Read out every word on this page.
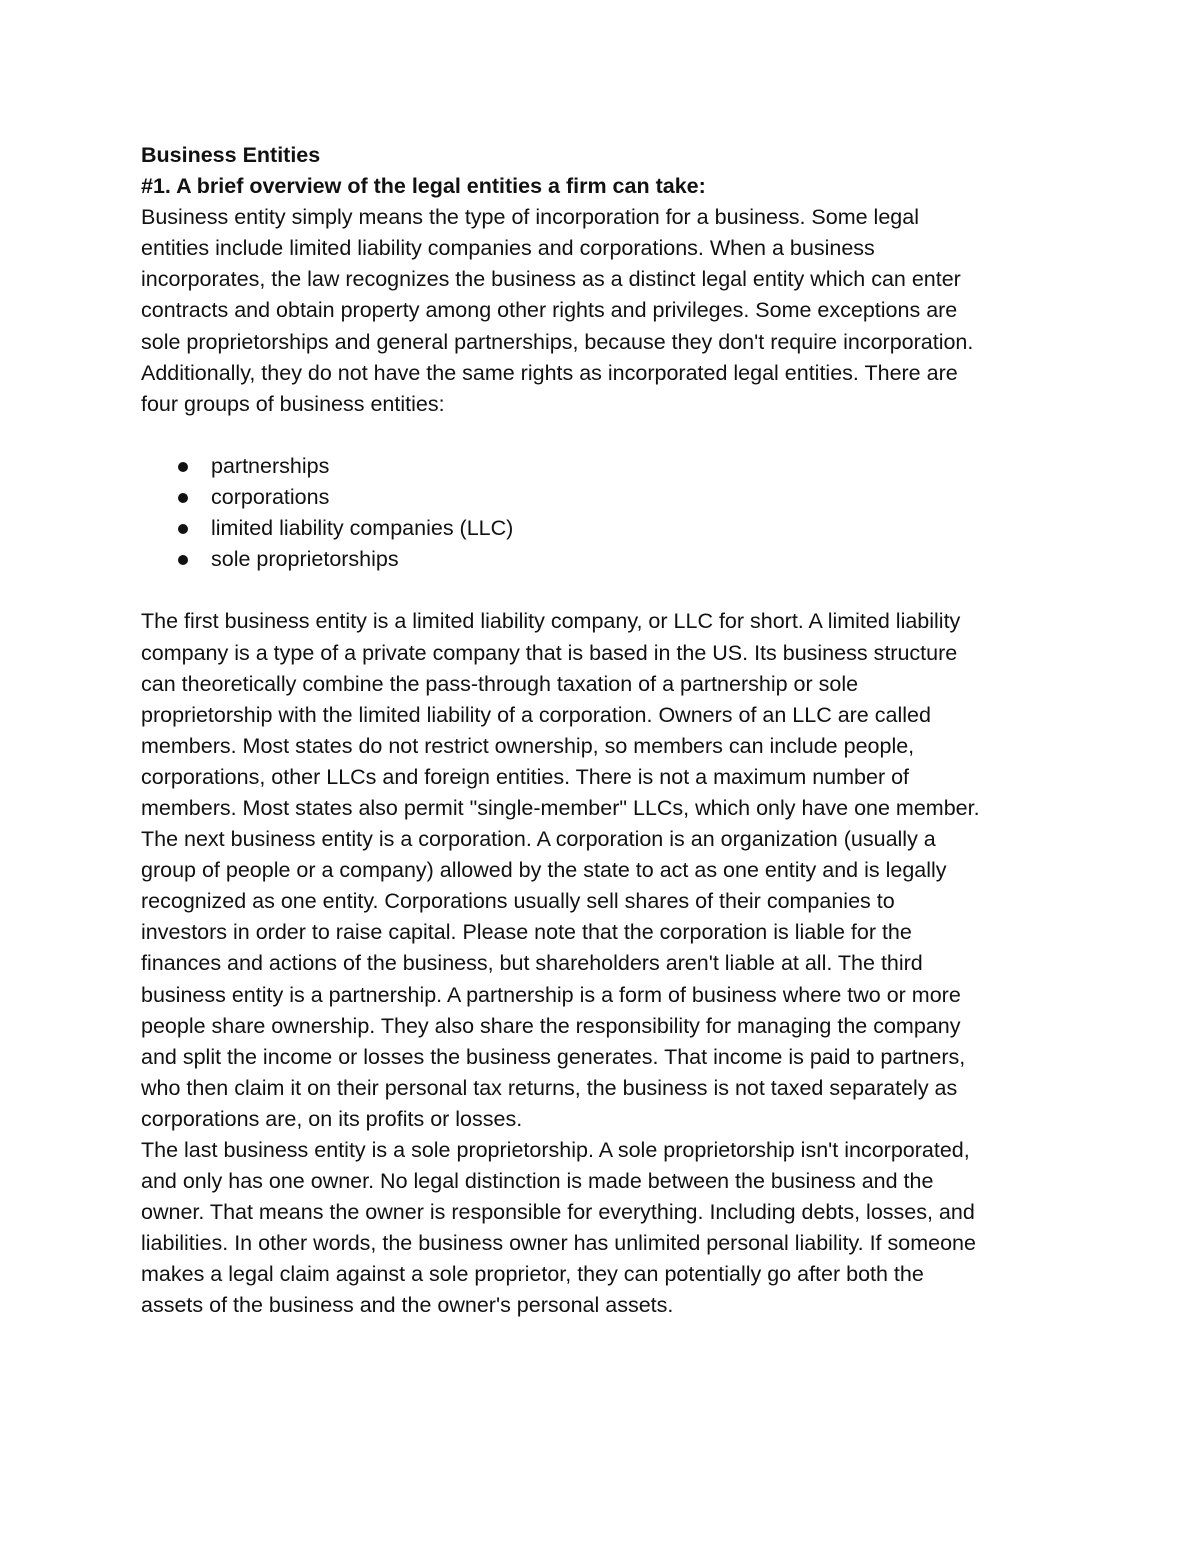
Business Entities

#1. A brief overview of the legal entities a firm can take:

Business entity simply means the type of incorporation for a business. Some legal
entities include limited liability companies and corporations. When a business
incorporates, the law recognizes the business as a distinct legal entity which can enter
contracts and obtain property among other rights and privileges. Some exceptions are
sole proprietorships and general partnerships, because they don't require incorporation.
Additionally, they do not have the same rights as incorporated legal entities. There are
four groups of business entities:

partnerships
corporations
limited liability companies (LLC)
sole proprietorships

The first business entity is a limited liability company, or LLC for short. A limited liability
company is a type of a private company that is based in the US. Its business structure
can theoretically combine the pass-through taxation of a partnership or sole
proprietorship with the limited liability of a corporation. Owners of an LLC are called
members. Most states do not restrict ownership, so members can include people,
corporations, other LLCs and foreign entities. There is not a maximum number of
members. Most states also permit "single-member" LLCs, which only have one member.
The next business entity is a corporation. A corporation is an organization (usually a
group of people or a company) allowed by the state to act as one entity and is legally
recognized as one entity. Corporations usually sell shares of their companies to
investors in order to raise capital. Please note that the corporation is liable for the
finances and actions of the business, but shareholders aren't liable at all. The third
business entity is a partnership. A partnership is a form of business where two or more
people share ownership. They also share the responsibility for managing the company
and split the income or losses the business generates. That income is paid to partners,
who then claim it on their personal tax returns, the business is not taxed separately as
corporations are, on its profits or losses.

The last business entity is a sole proprietorship. A sole proprietorship isn't incorporated,
and only has one owner. No legal distinction is made between the business and the
owner. That means the owner is responsible for everything. Including debts, losses, and
liabilities. In other words, the business owner has unlimited personal liability. If someone
makes a legal claim against a sole proprietor, they can potentially go after both the
assets of the business and the owner's personal assets.
